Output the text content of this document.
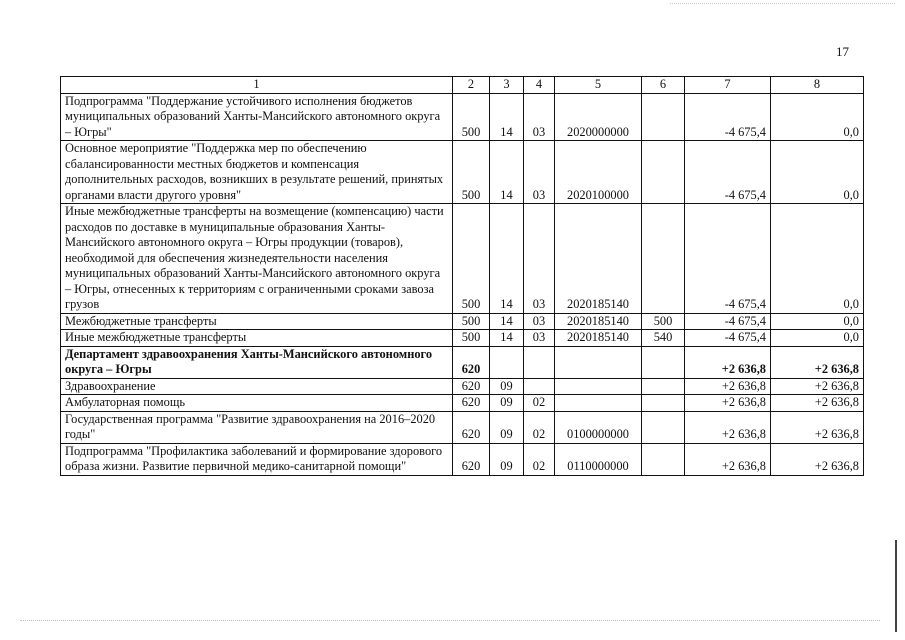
17
1	2	3	4	5	6	7	8
Подпрограмма "Поддержание устойчивого исполнения бюджетов муниципальных образований Ханты-Мансийского автономного округа – Югры"	500	14	03	2020000000		-4 675,4	0,0
Основное мероприятие "Поддержка мер по обеспечению сбалансированности местных бюджетов и компенсация дополнительных расходов, возникших в результате решений, принятых органами власти другого уровня"	500	14	03	2020100000		-4 675,4	0,0
Иные межбюджетные трансферты на возмещение (компенсацию) части расходов по доставке в муниципальные образования Ханты-Мансийского автономного округа – Югры продукции (товаров), необходимой для обеспечения жизнедеятельности населения муниципальных образований Ханты-Мансийского автономного округа – Югры, отнесенных к территориям с ограниченными сроками завоза грузов	500	14	03	2020185140		-4 675,4	0,0
Межбюджетные трансферты	500	14	03	2020185140	500	-4 675,4	0,0
Иные межбюджетные трансферты	500	14	03	2020185140	540	-4 675,4	0,0
Департамент здравоохранения Ханты-Мансийского автономного округа – Югры	620					+2 636,8	+2 636,8
Здравоохранение	620	09				+2 636,8	+2 636,8
Амбулаторная помощь	620	09	02			+2 636,8	+2 636,8
Государственная программа "Развитие здравоохранения на 2016–2020 годы"	620	09	02	0100000000		+2 636,8	+2 636,8
Подпрограмма "Профилактика заболеваний и формирование здорового образа жизни. Развитие первичной медико-санитарной помощи"	620	09	02	0110000000		+2 636,8	+2 636,8
